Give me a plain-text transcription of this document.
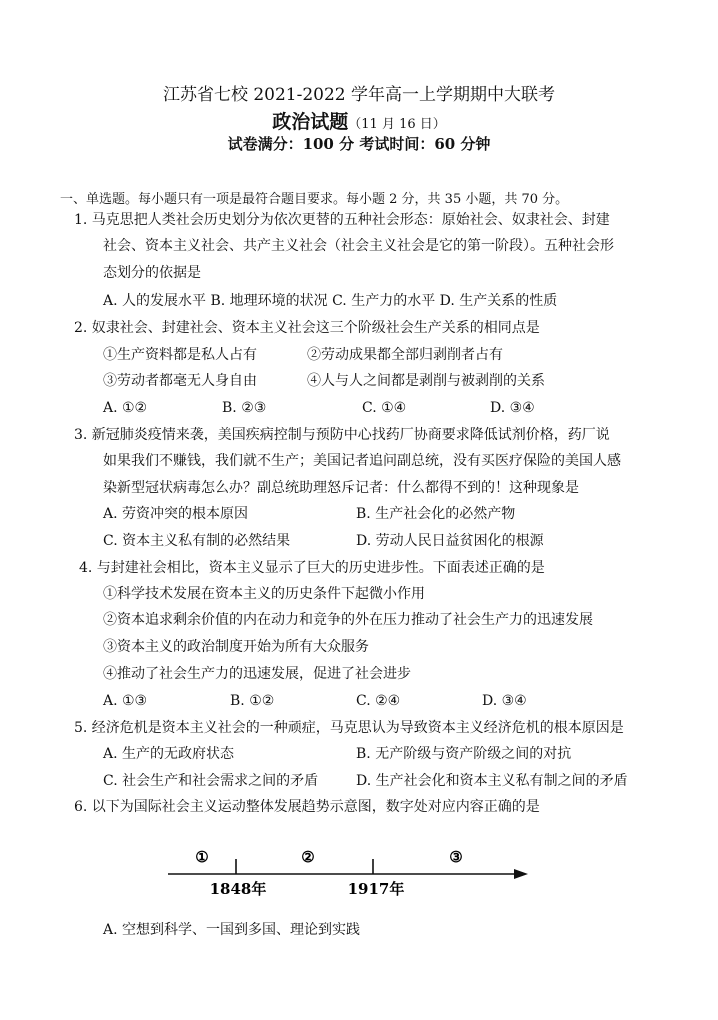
江苏省七校 2021-2022 学年高一上学期期中大联考
政治试题（11 月 16 日）
试卷满分：100 分 考试时间：60 分钟
一、单选题。每小题只有一项是最符合题目要求。每小题 2 分，共 35 小题，共 70 分。
1. 马克思把人类社会历史划分为依次更替的五种社会形态：原始社会、奴隶社会、封建
社会、资本主义社会、共产主义社会（社会主义社会是它的第一阶段）。五种社会形
态划分的依据是
A. 人的发展水平 B. 地理环境的状况 C. 生产力的水平 D. 生产关系的性质
2. 奴隶社会、封建社会、资本主义社会这三个阶级社会生产关系的相同点是
①生产资料都是私人占有	②劳动成果都全部归剥削者占有
③劳动者都毫无人身自由	④人与人之间都是剥削与被剥削的关系
A. ①②	B. ②③	C. ①④	D. ③④
3. 新冠肺炎疫情来袭，美国疾病控制与预防中心找药厂协商要求降低试剂价格，药厂说
如果我们不赚钱，我们就不生产；美国记者追问副总统，没有买医疗保险的美国人感
染新型冠状病毒怎么办？副总统助理怒斥记者：什么都得不到的！这种现象是
A. 劳资冲突的根本原因	B. 生产社会化的必然产物
C. 资本主义私有制的必然结果	D. 劳动人民日益贫困化的根源
4. 与封建社会相比，资本主义显示了巨大的历史进步性。下面表述正确的是
①科学技术发展在资本主义的历史条件下起微小作用
②资本追求剩余价值的内在动力和竞争的外在压力推动了社会生产力的迅速发展
③资本主义的政治制度开始为所有大众服务
④推动了社会生产力的迅速发展，促进了社会进步
A. ①③	B. ①②	C. ②④	D. ③④
5. 经济危机是资本主义社会的一种顽症，马克思认为导致资本主义经济危机的根本原因是
A. 生产的无政府状态	B. 无产阶级与资产阶级之间的对抗
C. 社会生产和社会需求之间的矛盾	D. 生产社会化和资本主义私有制之间的矛盾
6. 以下为国际社会主义运动整体发展趋势示意图，数字处对应内容正确的是
①	②	③
1848年	1917年
A. 空想到科学、一国到多国、理论到实践
